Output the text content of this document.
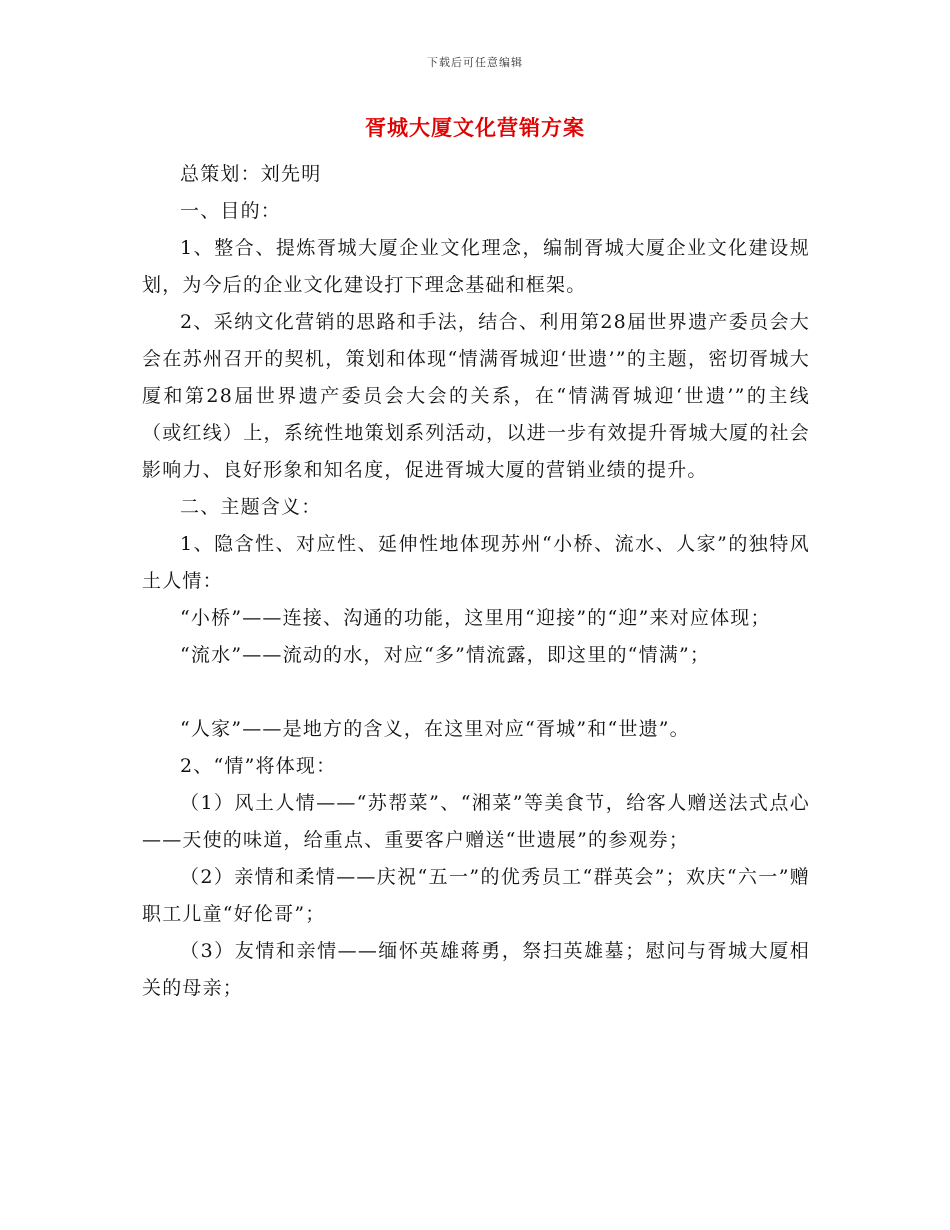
下载后可任意编辑
胥城大厦文化营销方案

总策划：刘先明

一、目的：

1、整合、提炼胥城大厦企业文化理念，编制胥城大厦企业文化建设规划，为今后的企业文化建设打下理念基础和框架。

2、采纳文化营销的思路和手法，结合、利用第28届世界遗产委员会大会在苏州召开的契机，策划和体现“情满胥城迎‘世遗’”的主题，密切胥城大厦和第28届世界遗产委员会大会的关系，在“情满胥城迎‘世遗’”的主线（或红线）上，系统性地策划系列活动，以进一步有效提升胥城大厦的社会影响力、良好形象和知名度，促进胥城大厦的营销业绩的提升。

二、主题含义：

1、隐含性、对应性、延伸性地体现苏州“小桥、流水、人家”的独特风土人情：

“小桥”——连接、沟通的功能，这里用“迎接”的“迎”来对应体现；

“流水”——流动的水，对应“多”情流露，即这里的“情满”；

“人家”——是地方的含义，在这里对应“胥城”和“世遗”。

2、“情”将体现：

（1）风土人情——“苏帮菜”、“湘菜”等美食节，给客人赠送法式点心——天使的味道，给重点、重要客户赠送“世遗展”的参观券；

（2）亲情和柔情——庆祝“五一”的优秀员工“群英会”；欢庆“六一”赠职工儿童“好伦哥”；

（3）友情和亲情——缅怀英雄蒋勇，祭扫英雄墓；慰问与胥城大厦相关的母亲；
